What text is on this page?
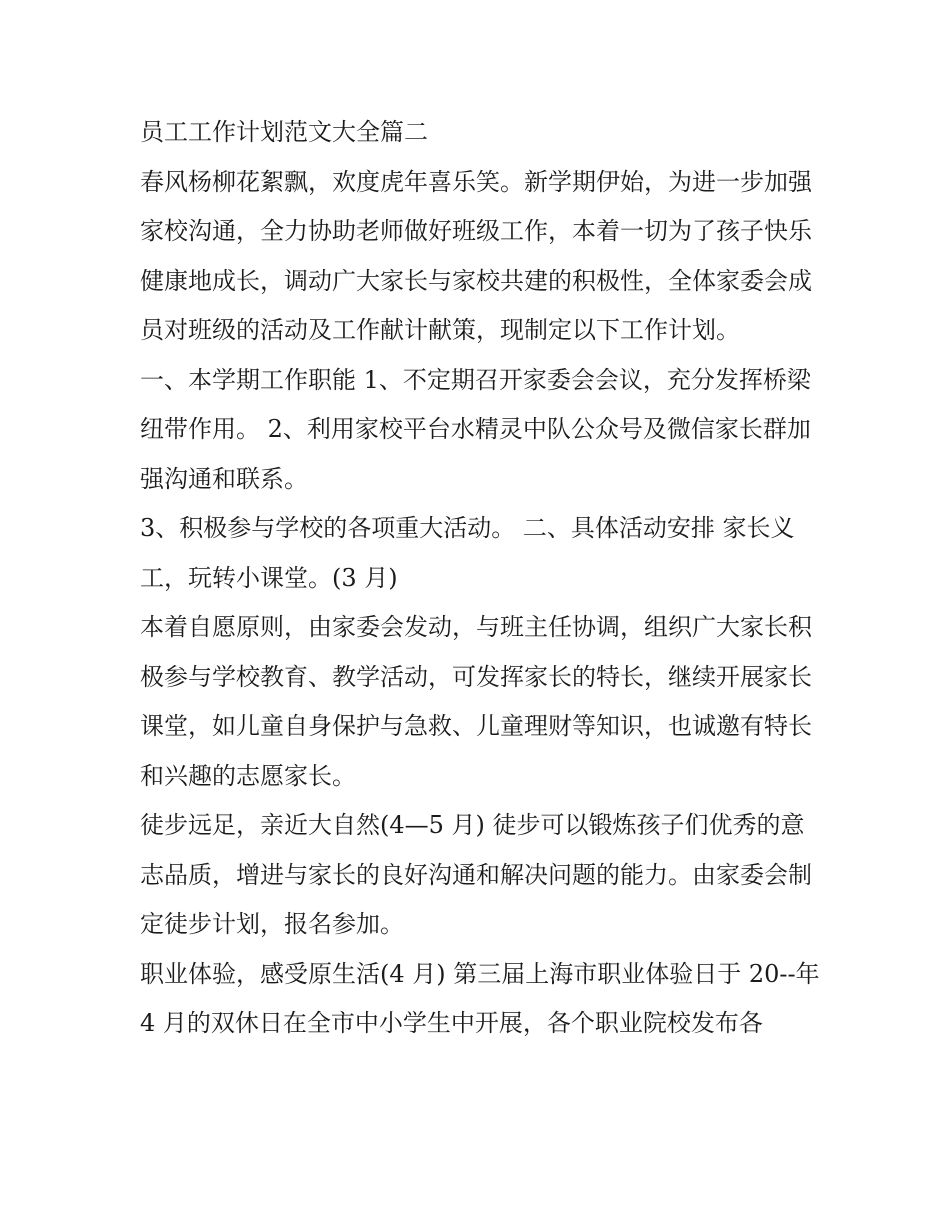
员工工作计划范文大全篇二

春风杨柳花絮飘，欢度虎年喜乐笑。新学期伊始，为进一步加强家校沟通，全力协助老师做好班级工作，本着一切为了孩子快乐健康地成长，调动广大家长与家校共建的积极性，全体家委会成员对班级的活动及工作献计献策，现制定以下工作计划。

一、本学期工作职能 1、不定期召开家委会会议，充分发挥桥梁纽带作用。 2、利用家校平台水精灵中队公众号及微信家长群加强沟通和联系。

3、积极参与学校的各项重大活动。 二、具体活动安排 家长义工，玩转小课堂。(3 月)

本着自愿原则，由家委会发动，与班主任协调，组织广大家长积极参与学校教育、教学活动，可发挥家长的特长，继续开展家长课堂，如儿童自身保护与急救、儿童理财等知识，也诚邀有特长和兴趣的志愿家长。

徒步远足，亲近大自然(4—5 月) 徒步可以锻炼孩子们优秀的意志品质，增进与家长的良好沟通和解决问题的能力。由家委会制定徒步计划，报名参加。

职业体验，感受原生活(4 月) 第三届上海市职业体验日于 20--年 4 月的双休日在全市中小学生中开展，各个职业院校发布各
